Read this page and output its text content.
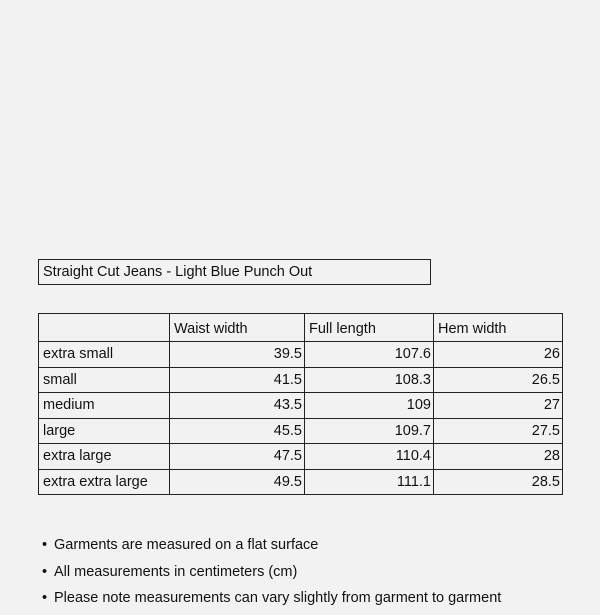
Straight Cut Jeans - Light Blue Punch Out
	Waist width	Full length	Hem width
extra small	39.5	107.6	26
small	41.5	108.3	26.5
medium	43.5	109	27
large	45.5	109.7	27.5
extra large	47.5	110.4	28
extra extra large	49.5	111.1	28.5
• Garments are measured on a flat surface
• All measurements in centimeters (cm)
• Please note measurements can vary slightly from garment to garment
